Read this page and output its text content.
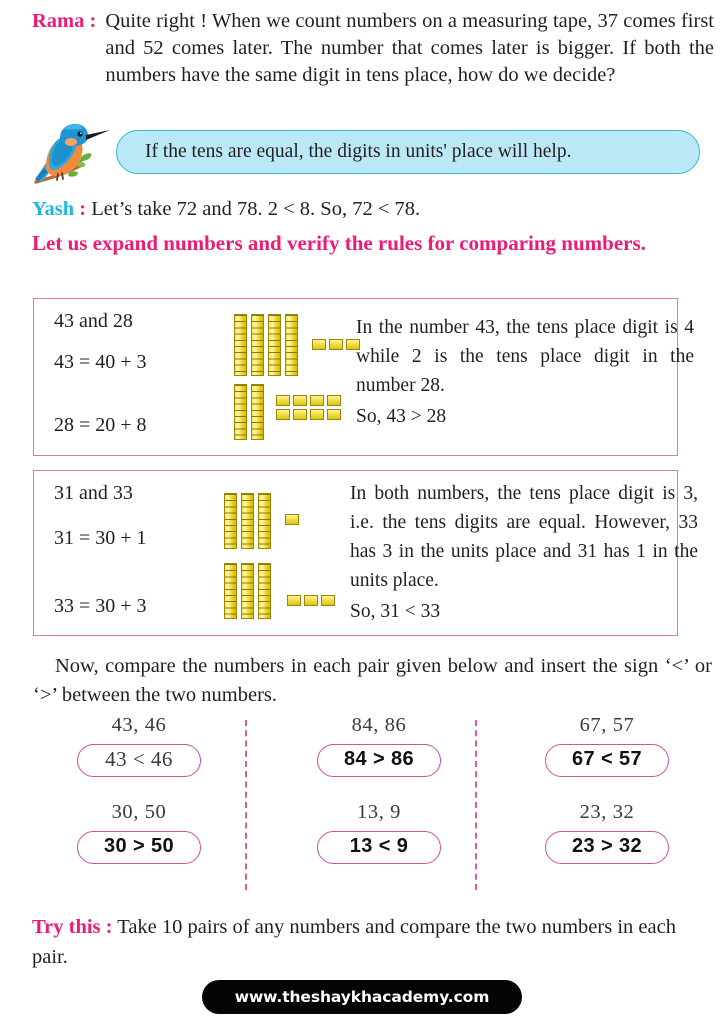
Rama : Quite right ! When we count numbers on a measuring tape, 37 comes first and 52 comes later. The number that comes later is bigger. If both the numbers have the same digit in tens place, how do we decide?
If the tens are equal, the digits in units' place will help.
Yash : Let’s take 72 and 78. 2 < 8. So, 72 < 78.
Let us expand numbers and verify the rules for comparing numbers.
43 and 28
43 = 40 + 3
28 = 20 + 8
In the number 43, the tens place digit is 4 while 2 is the tens place digit in the number 28.
So, 43 > 28
31 and 33
31 = 30 + 1
33 = 30 + 3
In both numbers, the tens place digit is 3, i.e. the tens digits are equal. However, 33 has 3 in the units place and 31 has 1 in the units place.
So, 31 < 33
Now, compare the numbers in each pair given below and insert the sign ‘<’ or ‘>’ between the two numbers.
43, 46
43 < 46
30, 50
30 > 50
84, 86
84 > 86
13, 9
13 < 9
67, 57
67 < 57
23, 32
23 > 32
Try this : Take 10 pairs of any numbers and compare the two numbers in each pair.
www.theshaykhacademy.com
